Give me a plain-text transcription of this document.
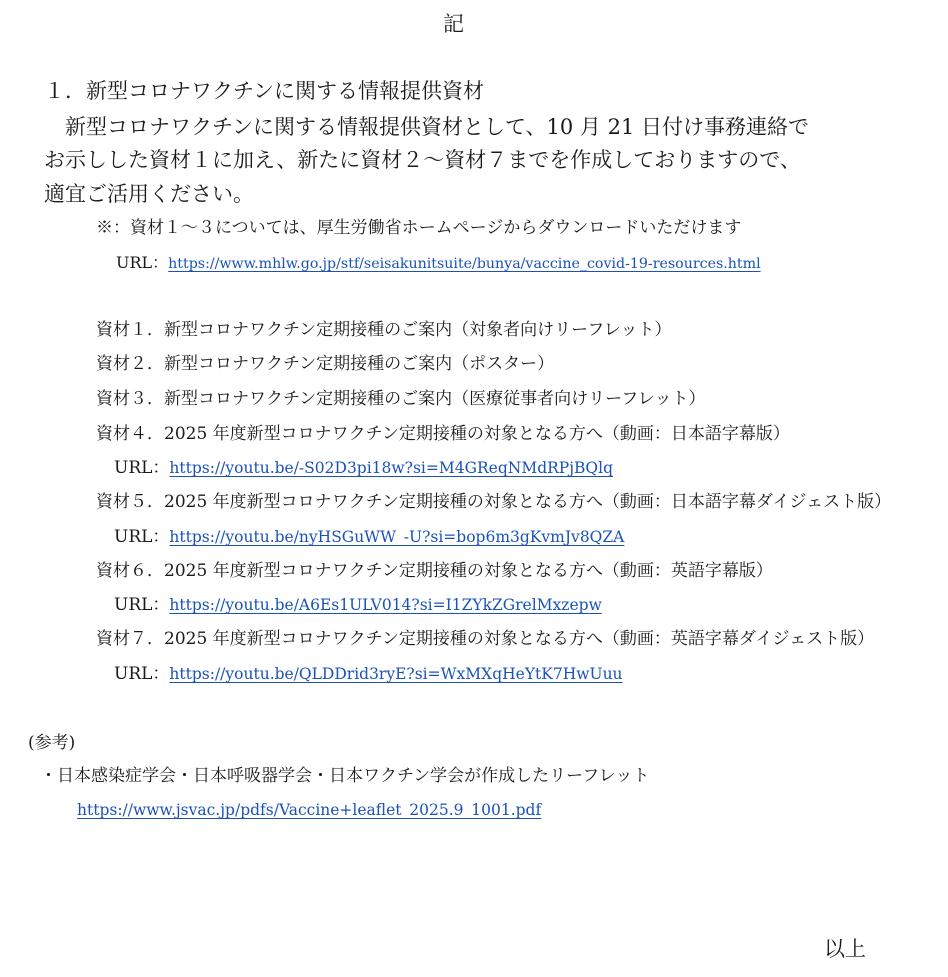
記
１．新型コロナワクチンに関する情報提供資材
　新型コロナワクチンに関する情報提供資材として、10 月 21 日付け事務連絡で
お示しした資材１に加え、新たに資材２～資材７までを作成しておりますので、
適宜ご活用ください。
※：資材１～３については、厚生労働省ホームページからダウンロードいただけます
URL：https://www.mhlw.go.jp/stf/seisakunitsuite/bunya/vaccine_covid-19-resources.html
資材１．新型コロナワクチン定期接種のご案内（対象者向けリーフレット）
資材２．新型コロナワクチン定期接種のご案内（ポスター）
資材３．新型コロナワクチン定期接種のご案内（医療従事者向けリーフレット）
資材４．2025 年度新型コロナワクチン定期接種の対象となる方へ（動画：日本語字幕版）
URL：https://youtu.be/-S02D3pi18w?si=M4GReqNMdRPjBQlq
資材５．2025 年度新型コロナワクチン定期接種の対象となる方へ（動画：日本語字幕ダイジェスト版）
URL：https://youtu.be/nyHSGuWW_-U?si=bop6m3gKvmJv8QZA
資材６．2025 年度新型コロナワクチン定期接種の対象となる方へ（動画：英語字幕版）
URL：https://youtu.be/A6Es1ULV014?si=I1ZYkZGrelMxzepw
資材７．2025 年度新型コロナワクチン定期接種の対象となる方へ（動画：英語字幕ダイジェスト版）
URL：https://youtu.be/QLDDrid3ryE?si=WxMXqHeYtK7HwUuu
(参考)
・日本感染症学会・日本呼吸器学会・日本ワクチン学会が作成したリーフレット
https://www.jsvac.jp/pdfs/Vaccine+leaflet_2025.9_1001.pdf
以上
